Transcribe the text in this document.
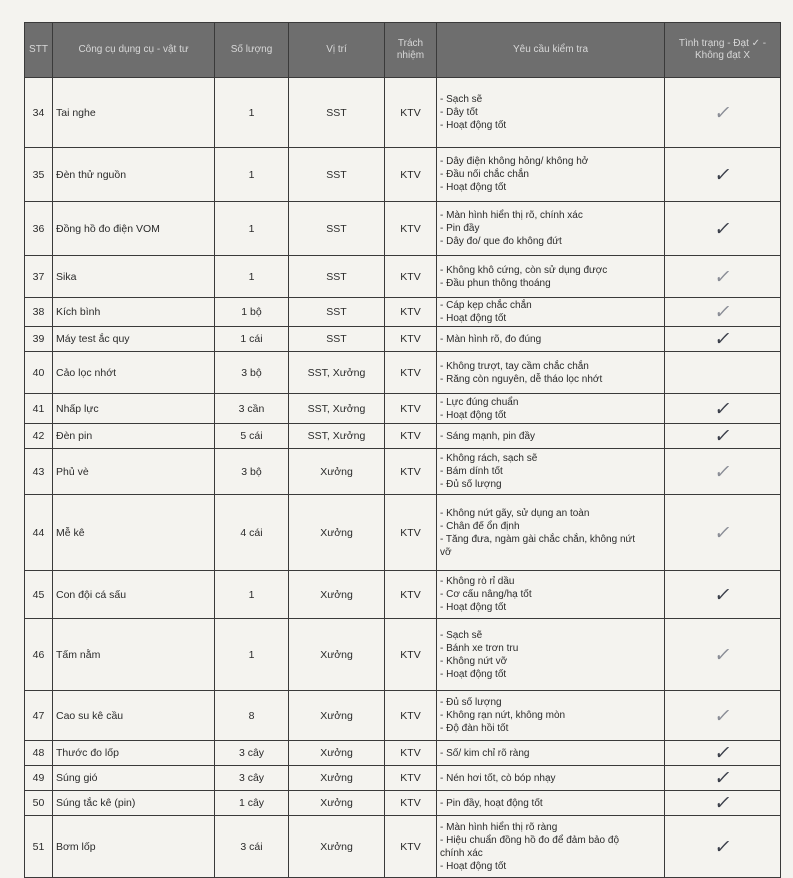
STT	Công cụ dụng cụ - vật tư	Số lượng	Vị trí	Trách nhiệm	Yêu cầu kiểm tra	Tình trạng - Đạt ✓ - Không đạt X
34	Tai nghe	1	SST	KTV	- Sạch sẽ
- Dây tốt
- Hoạt động tốt	✓
35	Đèn thử nguồn	1	SST	KTV	- Dây điện không hỏng/ không hở
- Đầu nối chắc chắn
- Hoạt động tốt	✓
36	Đồng hồ đo điện VOM	1	SST	KTV	- Màn hình hiển thị rõ, chính xác
- Pin đầy
- Dây đo/ que đo không đứt	✓
37	Sika	1	SST	KTV	- Không khô cứng, còn sử dụng được
- Đầu phun thông thoáng	✓
38	Kích bình	1 bộ	SST	KTV	- Cáp kẹp chắc chắn
- Hoạt động tốt	✓
39	Máy test ắc quy	1 cái	SST	KTV	- Màn hình rõ, đo đúng	✓
40	Cảo lọc nhớt	3 bộ	SST, Xưởng	KTV	- Không trượt, tay cầm chắc chắn
- Răng còn nguyên, dễ tháo lọc nhớt	

41	Nhấp lực	3 cần	SST, Xưởng	KTV	- Lực đúng chuẩn
- Hoạt động tốt	✓
42	Đèn pin	5 cái	SST, Xưởng	KTV	- Sáng mạnh, pin đầy	✓
43	Phủ vè	3 bộ	Xưởng	KTV	- Không rách, sạch sẽ
- Bám dính tốt
- Đủ số lượng	✓
44	Mễ kê	4 cái	Xưởng	KTV	- Không nứt gãy, sử dụng an toàn
- Chân đế ổn định
- Tăng đưa, ngàm gài chắc chắn, không nứt
vỡ	✓
45	Con đội cá sấu	1	Xưởng	KTV	- Không rò rỉ dầu
- Cơ cấu nâng/hạ tốt
- Hoạt động tốt	✓
46	Tấm nằm	1	Xưởng	KTV	- Sạch sẽ
- Bánh xe trơn tru
- Không nứt vỡ
- Hoạt động tốt	✓
47	Cao su kê cầu	8	Xưởng	KTV	- Đủ số lượng
- Không rạn nứt, không mòn
- Độ đàn hồi tốt	✓
48	Thước đo lốp	3 cây	Xưởng	KTV	- Số/ kim chỉ rõ ràng	✓
49	Súng gió	3 cây	Xưởng	KTV	- Nén hơi tốt, cò bóp nhạy	✓
50	Súng tắc kê (pin)	1 cây	Xưởng	KTV	- Pin đầy, hoạt động tốt	✓
51	Bơm lốp	3 cái	Xưởng	KTV	- Màn hình hiển thị rõ ràng
- Hiệu chuẩn đồng hồ đo để đảm bảo độ
chính xác
- Hoạt động tốt	✓
